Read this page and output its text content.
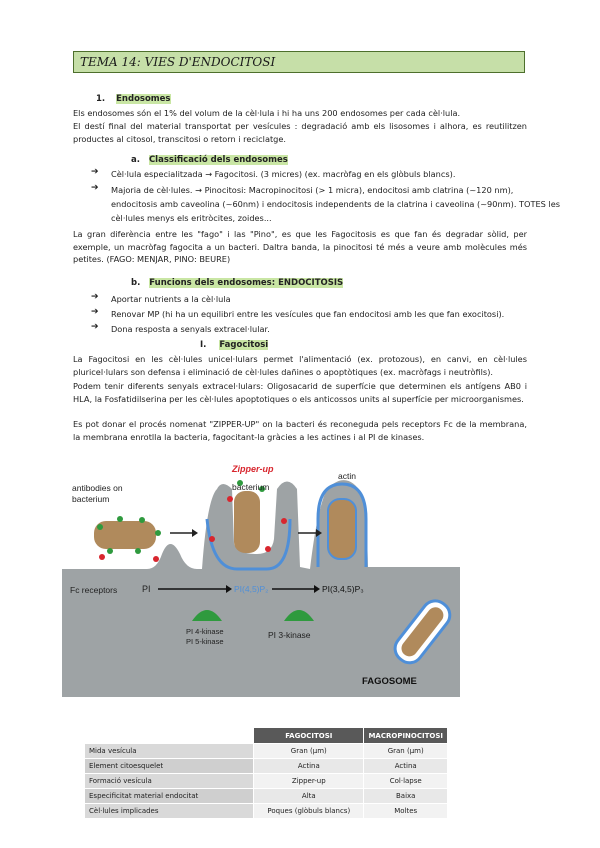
TEMA 14: VIES D'ENDOCITOSI
1. Endosomes
Els endosomes són el 1% del volum de la cèl·lula i hi ha uns 200 endosomes per cada cèl·lula.
El destí final del material transportat per vesícules : degradació amb els lisosomes i alhora, es reutilitzen productes al citosol, transcitosi o retorn i reciclatge.
a. Classificació dels endosomes
➔ Cèl·lula especialitzada → Fagocitosi. (3 micres) (ex. macròfag en els glòbuls blancs).
➔ Majoria de cèl·lules. → Pinocitosi: Macropinocitosi (> 1 micra), endocitosi amb clatrina (~120 nm),
endocitosis amb caveolina (~60nm) i endocitosis independents de la clatrina i caveolina (~90nm). TOTES les
cèl·lules menys els eritròcites, zoides...
La gran diferència entre les "fago" i las "Pino", es que les Fagocitosis es que fan és degradar sòlid, per exemple, un macròfag fagocita a un bacteri. Daltra banda, la pinocitosi té més a veure amb molècules més petites. (FAGO: MENJAR, PINO: BEURE)
b. Funcions dels endosomes: ENDOCITOSIS
➔ Aportar nutrients a la cèl·lula
➔ Renovar MP (hi ha un equilibri entre les vesícules que fan endocitosi amb les que fan exocitosi).
➔ Dona resposta a senyals extracel·lular.
I. Fagocitosi
La Fagocitosi en les cèl·lules unicel·lulars permet l'alimentació (ex. protozous), en canvi, en cèl·lules pluricel·lulars son defensa i eliminació de cèl·lules dañines o apoptòtiques (ex. macròfags i neutròfils).
Podem tenir diferents senyals extracel·lulars: Oligosacarid de superfície que determinen els antígens AB0 i HLA, la Fosfatidilserina per les cèl·lules apoptotiques o els anticossos units al superfície per microorganismes.
Es pot donar el procés nomenat "ZIPPER-UP" on la bacteri és reconeguda pels receptors Fc de la membrana, la membrana enrotlla la bacteria, fagocitant-la gràcies a les actines i al PI de kinases.
Zipper-up
bacterium
actin
antibodies on
bacterium
Fc receptors	PI	PI(4,5)P₂	PI(3,4,5)P₃
PI 4-kinase
PI 5-kinase
PI 3-kinase
FAGOSOME
	FAGOCITOSI	MACROPINOCITOSI
Mida vesícula	Gran (µm)	Gran (µm)
Element citoesquelet	Actina	Actina
Formació vesícula	Zipper-up	Col·lapse
Especificitat material endocitat	Alta	Baixa
Cèl·lules implicades	Poques (glòbuls blancs)	Moltes
